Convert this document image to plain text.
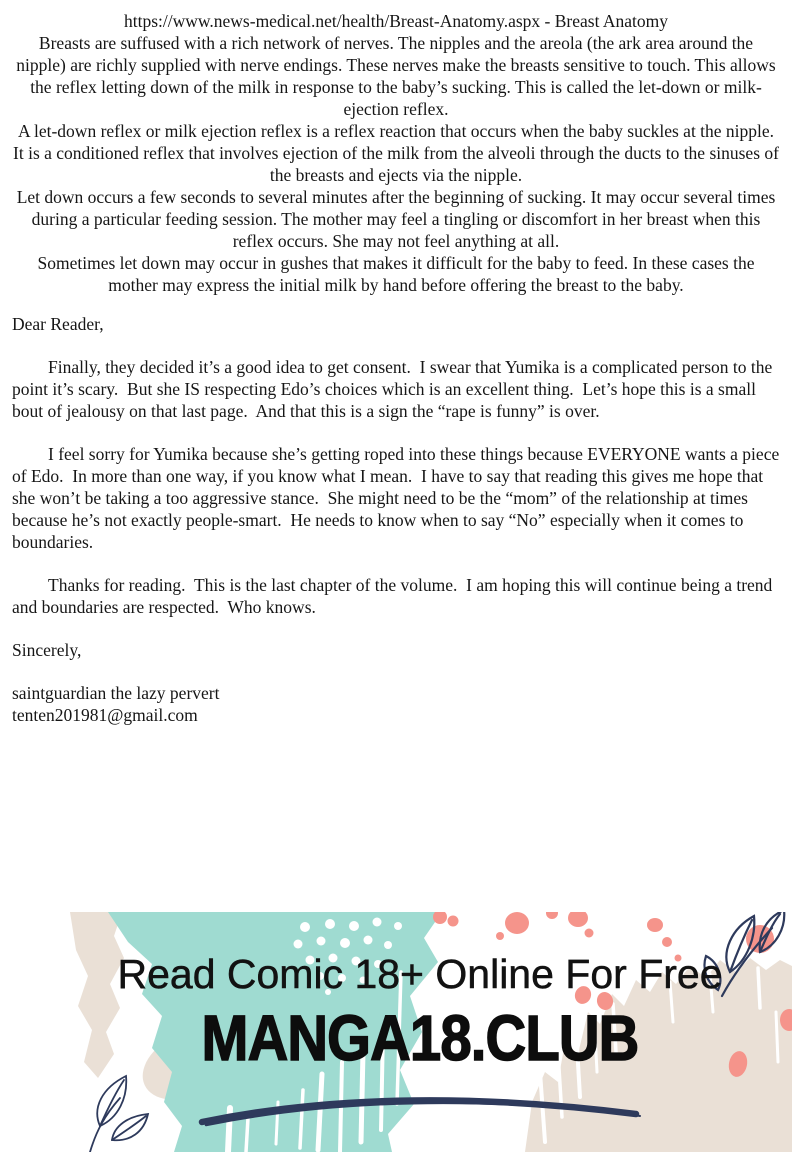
https://www.news-medical.net/health/Breast-Anatomy.aspx - Breast Anatomy

Breasts are suffused with a rich network of nerves. The nipples and the areola (the ark area around the nipple) are richly supplied with nerve endings. These nerves make the breasts sensitive to touch. This allows the reflex letting down of the milk in response to the baby’s sucking. This is called the let-down or milk-ejection reflex.

A let-down reflex or milk ejection reflex is a reflex reaction that occurs when the baby suckles at the nipple. It is a conditioned reflex that involves ejection of the milk from the alveoli through the ducts to the sinuses of the breasts and ejects via the nipple.

Let down occurs a few seconds to several minutes after the beginning of sucking. It may occur several times during a particular feeding session. The mother may feel a tingling or discomfort in her breast when this reflex occurs. She may not feel anything at all.

Sometimes let down may occur in gushes that makes it difficult for the baby to feed. In these cases the mother may express the initial milk by hand before offering the breast to the baby.

Dear Reader,

Finally, they decided it’s a good idea to get consent.  I swear that Yumika is a complicated person to the point it’s scary.  But she IS respecting Edo’s choices which is an excellent thing.  Let’s hope this is a small bout of jealousy on that last page.  And that this is a sign the “rape is funny” is over.

I feel sorry for Yumika because she’s getting roped into these things because EVERYONE wants a piece of Edo.  In more than one way, if you know what I mean.  I have to say that reading this gives me hope that she won’t be taking a too aggressive stance.  She might need to be the “mom” of the relationship at times because he’s not exactly people-smart.  He needs to know when to say “No” especially when it comes to boundaries.

Thanks for reading.  This is the last chapter of the volume.  I am hoping this will continue being a trend and boundaries are respected.  Who knows.

Sincerely,

saintguardian the lazy pervert

tenten201981@gmail.com

Read Comic 18+ Online For Free
MANGA18.CLUB
